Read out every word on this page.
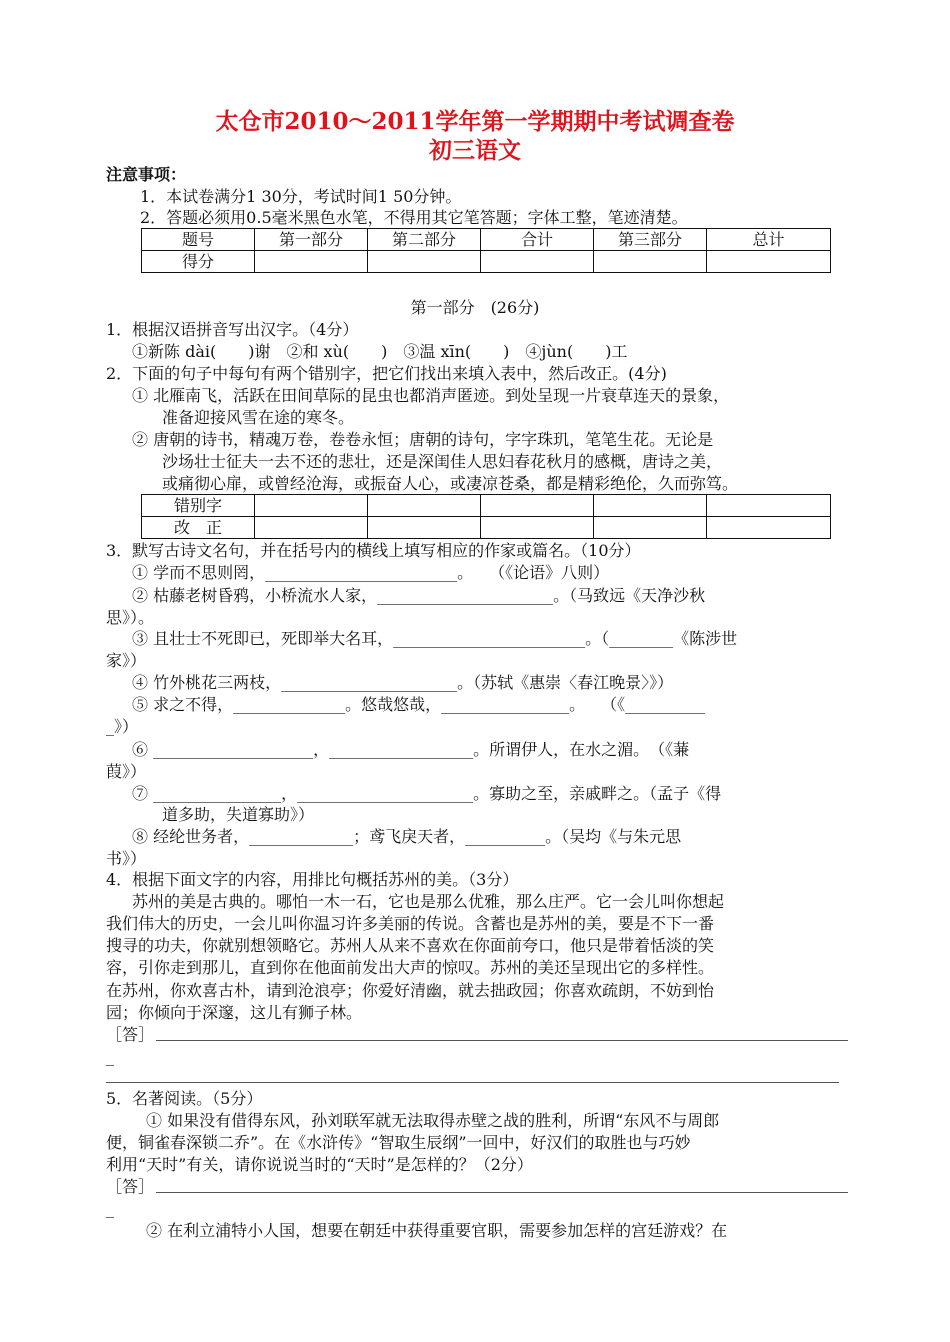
太仓市2010～2011学年第一学期期中考试调查卷
初三语文
注意事项：
1．本试卷满分1 30分，考试时间1 50分钟。
2．答题必须用0.5毫米黑色水笔，不得用其它笔答题；字体工整，笔迹清楚。
题号	第一部分	第二部分	合计	第三部分	总计
得分					
第一部分　(26分)
1．根据汉语拼音写出汉字。（4分）
①新陈 dài(　　)谢　②和 xù(　　)　③温 xīn(　　)　④jùn(　　)工
2．下面的句子中每句有两个错别字，把它们找出来填入表中，然后改正。(4分)
① 北雁南飞，活跃在田间草际的昆虫也都消声匿迹。到处呈现一片衰草连天的景象，
准备迎接风雪在途的寒冬。
② 唐朝的诗书，精魂万卷，卷卷永恒；唐朝的诗句，字字珠玑，笔笔生花。无论是
沙场壮士征夫一去不还的悲壮，还是深闺佳人思妇春花秋月的感概，唐诗之美，
或痛彻心扉，或曾经沧海，或振奋人心，或凄凉苍桑，都是精彩绝伦，久而弥笃。
错别字					
改　正					
3．默写古诗文名句，并在括号内的横线上填写相应的作家或篇名。（10分）
① 学而不思则罔，________________________。　　（《论语》八则）
② 枯藤老树昏鸦，小桥流水人家，______________________。（马致远《天净沙秋
思》）。
③ 且壮士不死即已，死即举大名耳，________________________。（________《陈涉世
家》）
④ 竹外桃花三两枝，______________________。（苏轼《惠崇〈春江晚景〉》）
⑤ 求之不得，______________。悠哉悠哉，________________。　　（《__________
_》）
⑥ ____________________，__________________。所谓伊人，在水之湄。　（《蒹
葭》）
⑦ ________________，______________________。寡助之至，亲戚畔之。（孟子《得
道多助，失道寡助》）
⑧ 经纶世务者，_____________；鸢飞戾天者，__________。（吴均《与朱元思
书》）
4．根据下面文字的内容，用排比句概括苏州的美。（3分）
苏州的美是古典的。哪怕一木一石，它也是那么优雅，那么庄严。它一会儿叫你想起
我们伟大的历史，一会儿叫你温习许多美丽的传说。含蓄也是苏州的美，要是不下一番
搜寻的功夫，你就别想领略它。苏州人从来不喜欢在你面前夸口，他只是带着恬淡的笑
容，引你走到那儿，直到你在他面前发出大声的惊叹。苏州的美还呈现出它的多样性。
在苏州，你欢喜古朴，请到沧浪亭；你爱好清幽，就去拙政园；你喜欢疏朗，不妨到怡
园；你倾向于深邃，这儿有狮子林。
［答］
_
5．名著阅读。（5分）
① 如果没有借得东风，孙刘联军就无法取得赤壁之战的胜利，所谓“东风不与周郎
便，铜雀春深锁二乔”。在《水浒传》“智取生辰纲”一回中，好汉们的取胜也与巧妙
利用“天时”有关，请你说说当时的“天时”是怎样的？（2分）
［答］
_
② 在利立浦特小人国，想要在朝廷中获得重要官职，需要参加怎样的宫廷游戏？在
